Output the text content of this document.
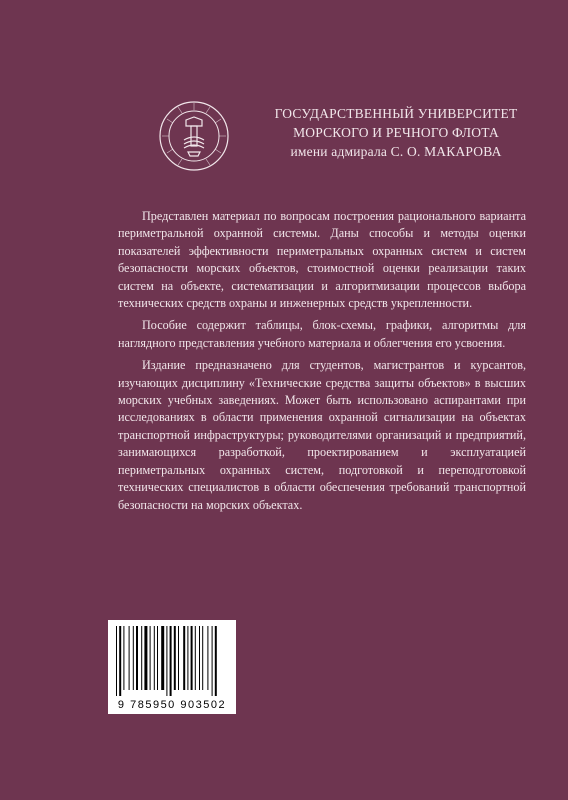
ГОСУДАРСТВЕННЫЙ УНИВЕРСИТЕТ
МОРСКОГО И РЕЧНОГО ФЛОТА
имени адмирала С. О. МАКАРОВА

Представлен материал по вопросам построения рационального варианта периметральной охранной системы. Даны способы и методы оценки показателей эффективности периметральных охранных систем и систем безопасности морских объектов, стоимостной оценки реализации таких систем на объекте, систематизации и алгоритмизации процессов выбора технических средств охраны и инженерных средств укрепленности.

Пособие содержит таблицы, блок-схемы, графики, алгоритмы для наглядного представления учебного материала и облегчения его усвоения.

Издание предназначено для студентов, магистрантов и курсантов, изучающих дисциплину «Технические средства защиты объектов» в высших морских учебных заведениях. Может быть использовано аспирантами при исследованиях в области применения охранной сигнализации на объектах транспортной инфраструктуры; руководителями организаций и предприятий, занимающихся разработкой, проектированием и эксплуатацией периметральных охранных систем, подготовкой и переподготовкой технических специалистов в области обеспечения требований транспортной безопасности на морских объектах.

9 785950 903502
